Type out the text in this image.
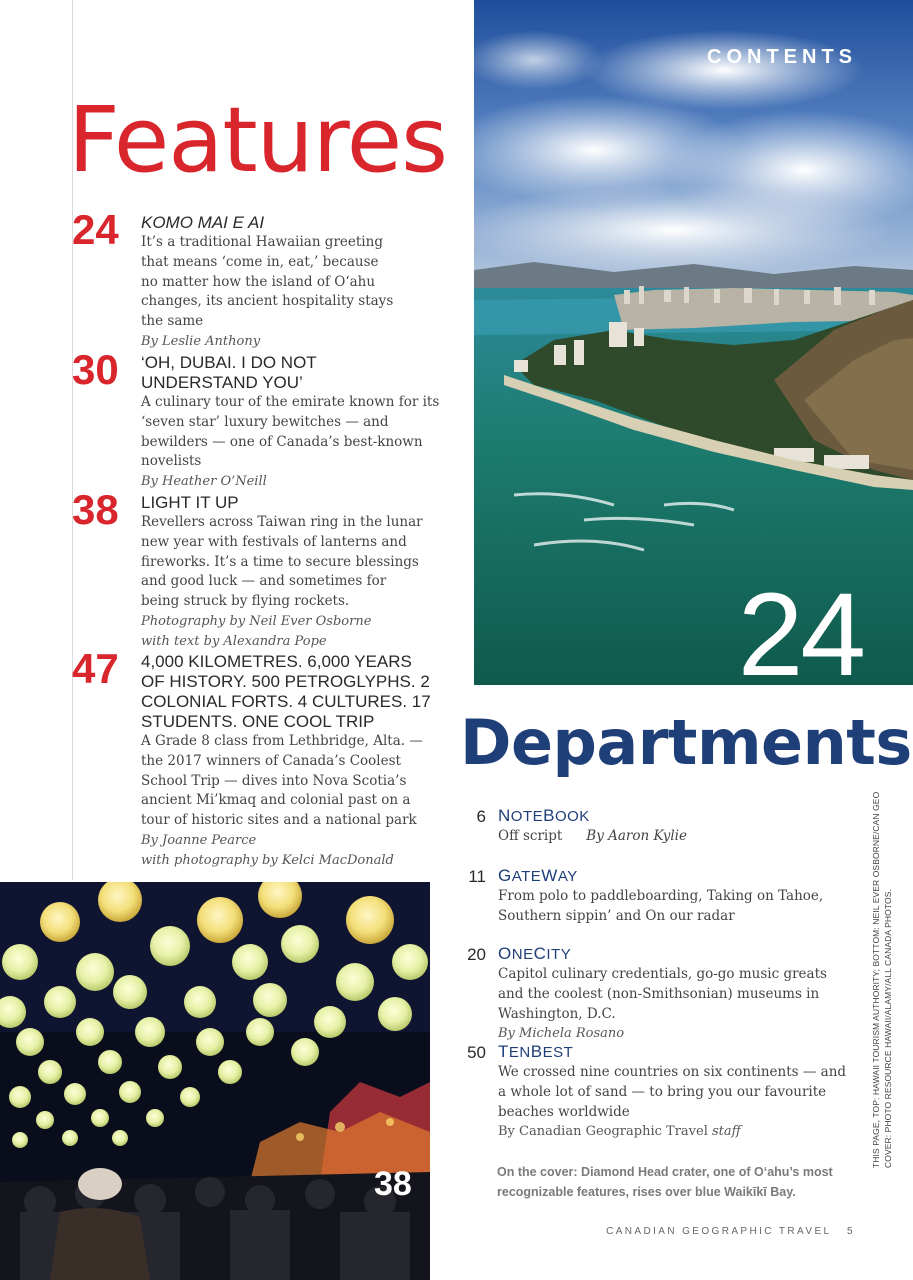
CONTENTS
24
Features
24 KOMO MAI E AI
It’s a traditional Hawaiian greeting that means ‘come in, eat,’ because no matter how the island of O‘ahu changes, its ancient hospitality stays the same
By Leslie Anthony
30 ‘OH, DUBAI. I DO NOT UNDERSTAND YOU’
A culinary tour of the emirate known for its ‘seven star’ luxury bewitches — and bewilders — one of Canada’s best-known novelists
By Heather O’Neill
38 LIGHT IT UP
Revellers across Taiwan ring in the lunar new year with festivals of lanterns and fireworks. It’s a time to secure blessings and good luck — and sometimes for being struck by flying rockets.
Photography by Neil Ever Osborne
with text by Alexandra Pope
47 4,000 KILOMETRES. 6,000 YEARS OF HISTORY. 500 PETROGLYPHS. 2 COLONIAL FORTS. 4 CULTURES. 17 STUDENTS. ONE COOL TRIP
A Grade 8 class from Lethbridge, Alta. — the 2017 winners of Canada’s Coolest School Trip — dives into Nova Scotia’s ancient Mi’kmaq and colonial past on a tour of historic sites and a national park
By Joanne Pearce
with photography by Kelci MacDonald
38
Departments
6 NOTEBOOK
Off script By Aaron Kylie
11 GATEWAY
From polo to paddleboarding, Taking on Tahoe, Southern sippin’ and On our radar
20 ONECITY
Capitol culinary credentials, go-go music greats and the coolest (non-Smithsonian) museums in Washington, D.C.
By Michela Rosano
50 TENBEST
We crossed nine countries on six continents — and a whole lot of sand — to bring you our favourite beaches worldwide
By Canadian Geographic Travel staff
On the cover: Diamond Head crater, one of O‘ahu’s most recognizable features, rises over blue Waikīkī Bay.
THIS PAGE, TOP: HAWAII TOURISM AUTHORITY; BOTTOM: NEIL EVER OSBORNE/CAN GEO COVER: PHOTO RESOURCE HAWAII/ALAMY/ALL CANADA PHOTOS.
CANADIAN GEOGRAPHIC TRAVEL 5
